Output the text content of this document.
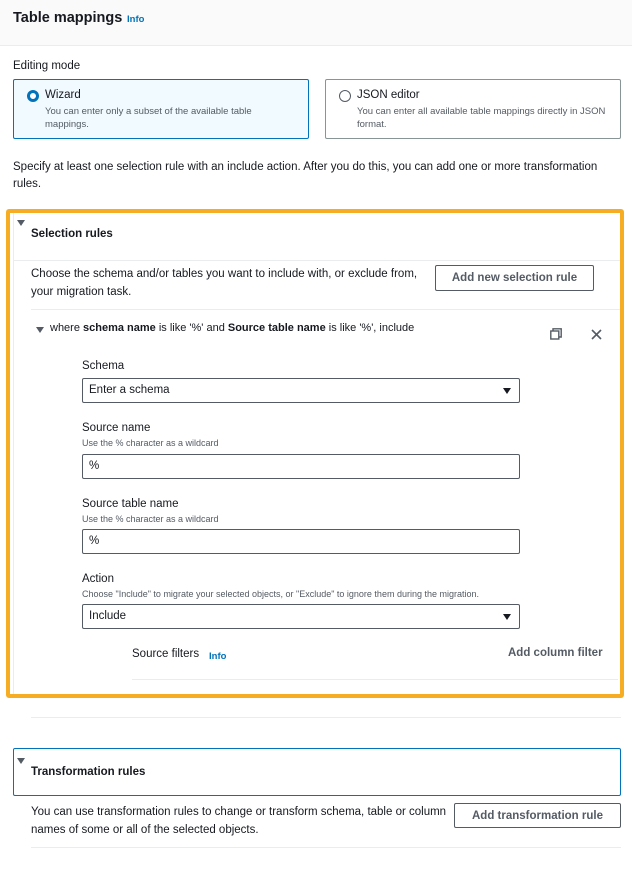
Table mappings Info
Editing mode
Wizard
You can enter only a subset of the available table mappings.
JSON editor
You can enter all available table mappings directly in JSON format.
Specify at least one selection rule with an include action. After you do this, you can add one or more transformation rules.
Selection rules
Choose the schema and/or tables you want to include with, or exclude from, your migration task.
Add new selection rule
where schema name is like '%' and Source table name is like '%', include
Schema
Enter a schema
Source name
Use the % character as a wildcard
%
Source table name
Use the % character as a wildcard
%
Action
Choose "Include" to migrate your selected objects, or "Exclude" to ignore them during the migration.
Include
Source filters Info	Add column filter
Transformation rules
You can use transformation rules to change or transform schema, table or column names of some or all of the selected objects.
Add transformation rule
